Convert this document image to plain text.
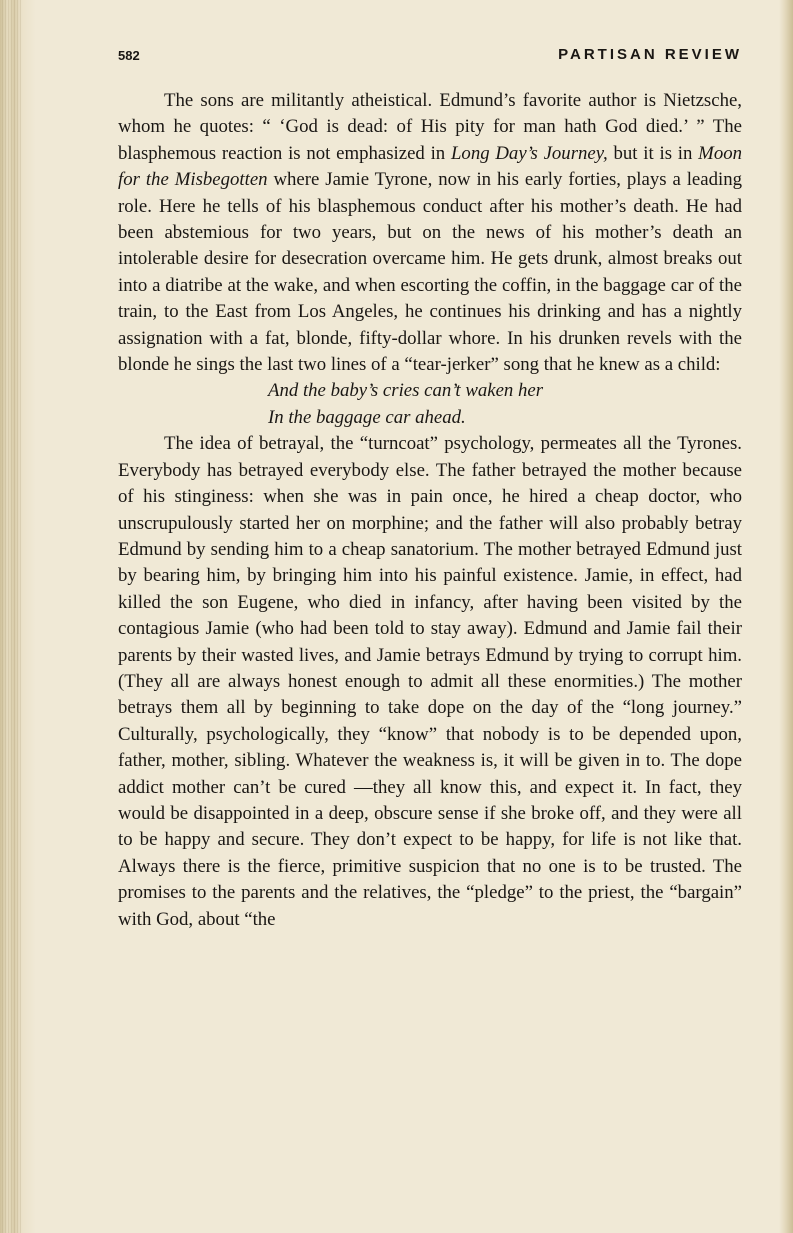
582	PARTISAN REVIEW

The sons are militantly atheistical. Edmund’s favorite author is Nietzsche, whom he quotes: “ ‘God is dead: of His pity for man hath God died.’ ” The blasphemous reaction is not emphasized in Long Day’s Journey, but it is in Moon for the Misbegotten where Jamie Tyrone, now in his early forties, plays a leading role. Here he tells of his blasphemous conduct after his mother’s death. He had been abstemious for two years, but on the news of his mother’s death an intolerable desire for desecration overcame him. He gets drunk, almost breaks out into a diatribe at the wake, and when escorting the coffin, in the baggage car of the train, to the East from Los Angeles, he continues his drinking and has a nightly assignation with a fat, blonde, fifty-dollar whore. In his drunken revels with the blonde he sings the last two lines of a “tear-jerker” song that he knew as a child:

And the baby’s cries can’t waken her
In the baggage car ahead.

The idea of betrayal, the “turncoat” psychology, permeates all the Tyrones. Everybody has betrayed everybody else. The father betrayed the mother because of his stinginess: when she was in pain once, he hired a cheap doctor, who unscrupulously started her on morphine; and the father will also probably betray Edmund by sending him to a cheap sanatorium. The mother betrayed Edmund just by bearing him, by bringing him into his painful existence. Jamie, in effect, had killed the son Eugene, who died in infancy, after having been visited by the contagious Jamie (who had been told to stay away). Edmund and Jamie fail their parents by their wasted lives, and Jamie betrays Edmund by trying to corrupt him. (They all are always honest enough to admit all these enormities.) The mother betrays them all by beginning to take dope on the day of the “long journey.” Culturally, psychologically, they “know” that nobody is to be depended upon, father, mother, sibling. Whatever the weakness is, it will be given in to. The dope addict mother can’t be cured —they all know this, and expect it. In fact, they would be disappointed in a deep, obscure sense if she broke off, and they were all to be happy and secure. They don’t expect to be happy, for life is not like that. Always there is the fierce, primitive suspicion that no one is to be trusted. The promises to the parents and the relatives, the “pledge” to the priest, the “bargain” with God, about “the
